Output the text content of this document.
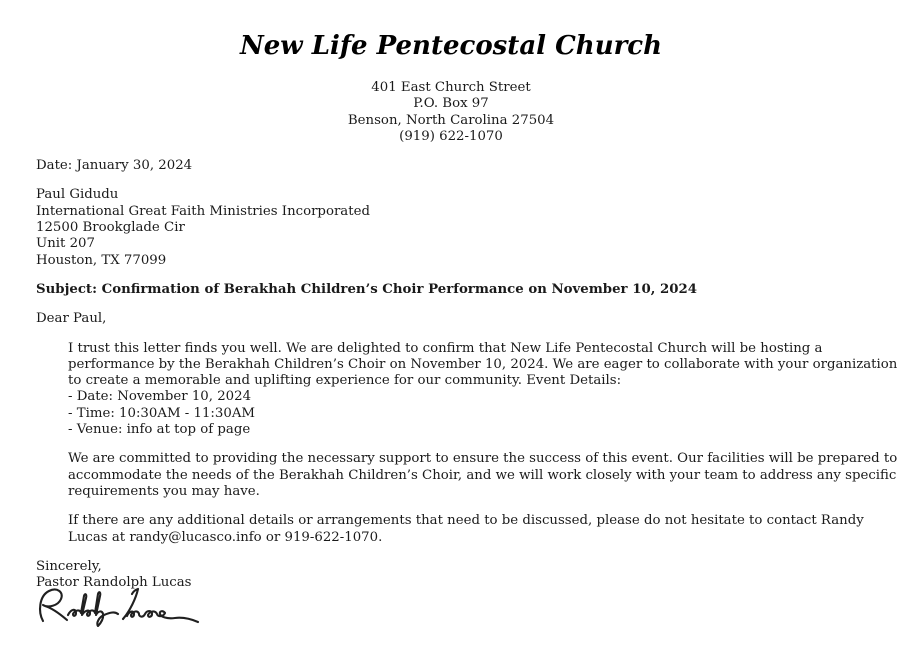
New Life Pentecostal Church
401 East Church Street
P.O. Box 97
Benson, North Carolina 27504
(919) 622-1070
Date: January 30, 2024
Paul Gidudu
International Great Faith Ministries Incorporated
12500 Brookglade Cir
Unit 207
Houston, TX 77099
Subject: Confirmation of Berakhah Children’s Choir Performance on November 10, 2024
Dear Paul,
I trust this letter finds you well. We are delighted to confirm that New Life Pentecostal Church will be hosting a
performance by the Berakhah Children’s Choir on November 10, 2024. We are eager to collaborate with your organization
to create a memorable and uplifting experience for our community. Event Details:
- Date: November 10, 2024
- Time: 10:30AM - 11:30AM
- Venue: info at top of page
We are committed to providing the necessary support to ensure the success of this event. Our facilities will be prepared to
accommodate the needs of the Berakhah Children’s Choir, and we will work closely with your team to address any specific
requirements you may have.
If there are any additional details or arrangements that need to be discussed, please do not hesitate to contact Randy
Lucas at randy@lucasco.info or 919-622-1070.
Sincerely,
Pastor Randolph Lucas
